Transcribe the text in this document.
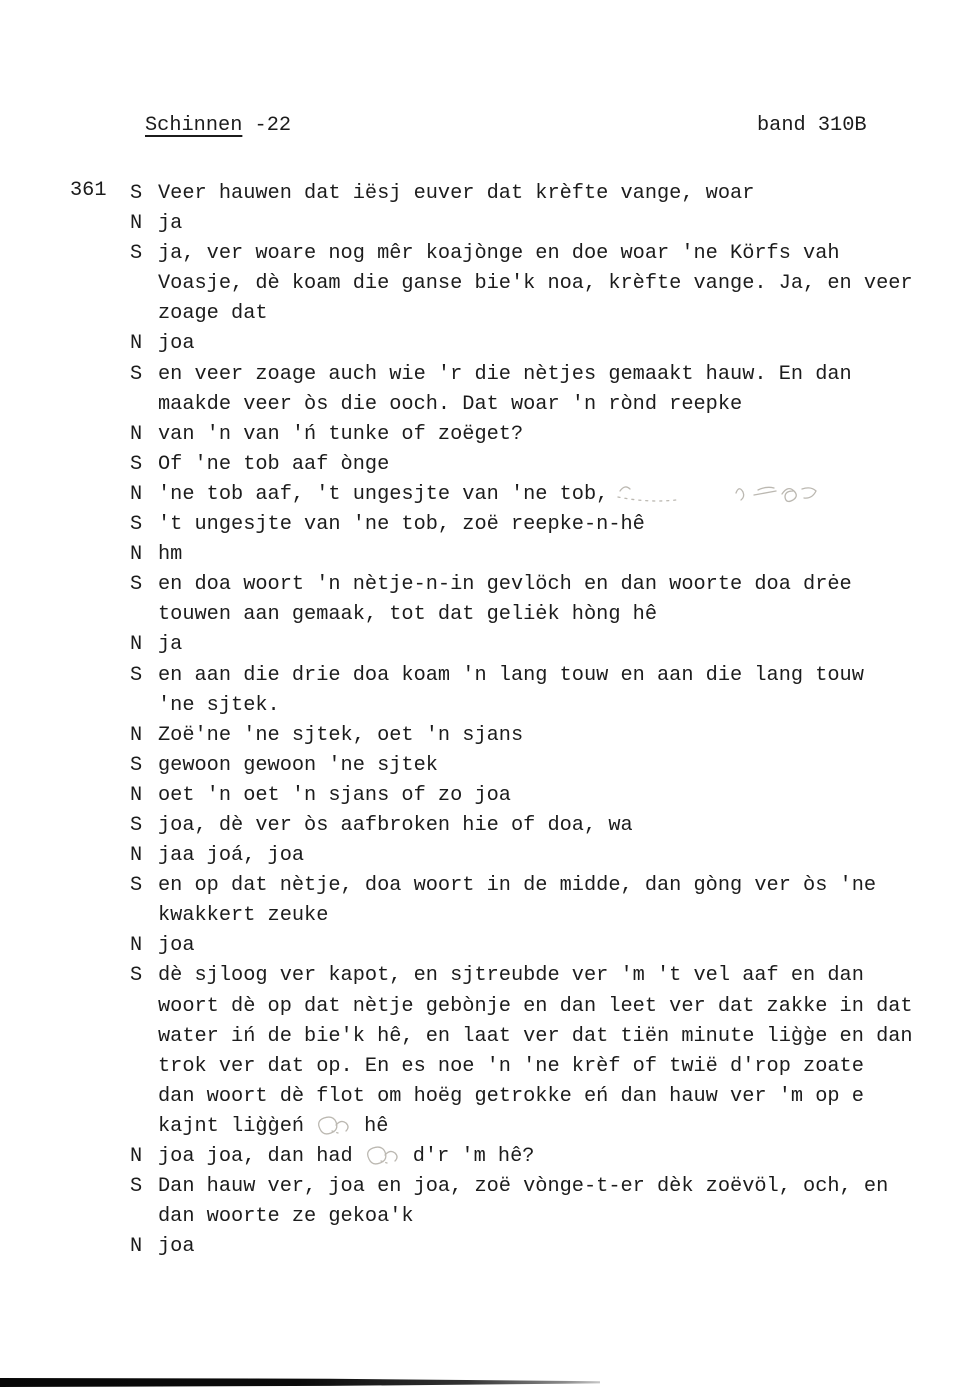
Schinnen -22	band 310B
361	S Veer hauwen dat iësj euver dat krèfte vange, woar
N ja
S ja, ver woare nog mêr koajònge en doe woar 'ne Körfs vah
Voasje, dè koam die ganse bie'k noa, krèfte vange. Ja, en veer
zoage dat
N joa
S en veer zoage auch wie 'r die nètjes gemaakt hauw. En dan
maakde veer òs die ooch. Dat woar 'n rònd reepke
N van 'n van 'ń tunke of zoëget?
S Of 'ne tob aaf ònge
N 'ne tob aaf, 't ungesjte van 'ne tob,
S 't ungesjte van 'ne tob, zoë reepke-n-hê
N hm
S en doa woort 'n nètje-n-in gevlöch en dan woorte doa drėe
touwen aan gemaak, tot dat geliėk hòng hê
N ja
S en aan die drie doa koam 'n lang touw en aan die lang touw
'ne sjtek.
N Zoë'ne 'ne sjtek, oet 'n sjans
S gewoon gewoon 'ne sjtek
N oet 'n oet 'n sjans of zo joa
S joa, dè ver òs aafbroken hie of doa, wa
N jaa joá, joa
S en op dat nètje, doa woort in de midde, dan gòng ver òs 'ne
kwakkert zeuke
N joa
S dè sjloog ver kapot, en sjtreubde ver 'm 't vel aaf en dan
woort dè op dat nètje gebònje en dan leet ver dat zakke in dat
water iń de bie'k hê, en laat ver dat tiën minute lig̀g̀e en dan
trok ver dat op. En es noe 'n 'ne krèf of twië d'rop zoate
dan woort dè flot om hoëg getrokke eń dan hauw ver 'm op e
kajnt lig̀g̀eń	hê
N joa joa, dan had	d'r 'm hê?
S Dan hauw ver, joa en joa, zoë vònge-t-er dèk zoëvöl, och, en
dan woorte ze gekoa'k
N joa
